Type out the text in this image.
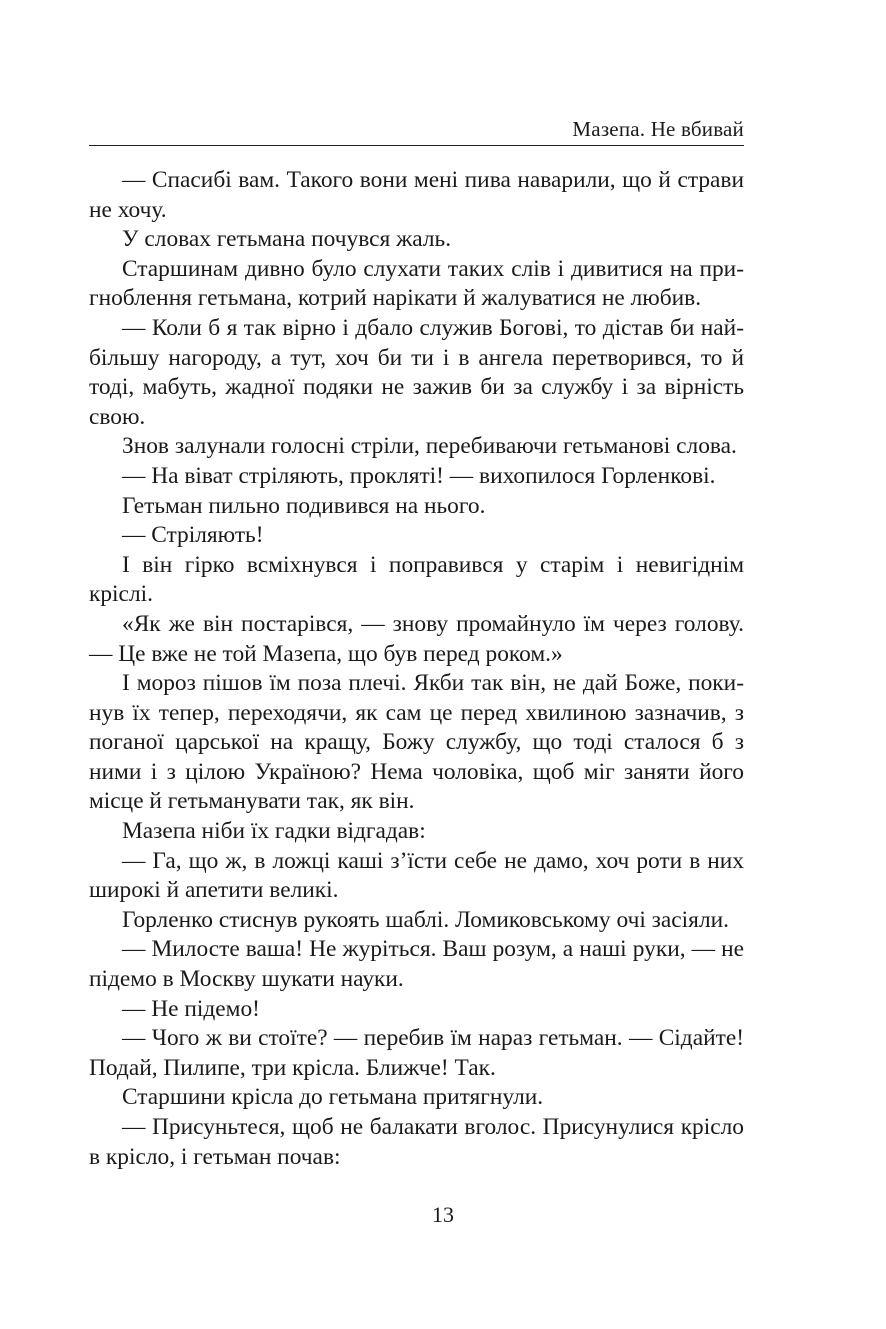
Мазепа. Не вбивай

— Спасибі вам. Такого вони мені пива наварили, що й страви не хочу.

У словах гетьмана почувся жаль.

Старшинам дивно було слухати таких слів і дивитися на пригноблення гетьмана, котрий нарікати й жалуватися не любив.

— Коли б я так вірно і дбало служив Богові, то дістав би найбільшу нагороду, а тут, хоч би ти і в ангела перетворився, то й тоді, мабуть, жадної подяки не зажив би за службу і за вірність свою.

Знов залунали голосні стріли, перебиваючи гетьманові слова.

— На віват стріляють, прокляті! — вихопилося Горленкові.

Гетьман пильно подивився на нього.

— Стріляють!

І він гірко всміхнувся і поправився у старім і невигіднім кріслі.

«Як же він постарівся, — знову промайнуло їм через голову. — Це вже не той Мазепа, що був перед роком.»

І мороз пішов їм поза плечі. Якби так він, не дай Боже, покинув їх тепер, переходячи, як сам це перед хвилиною зазначив, з поганої царської на кращу, Божу службу, що тоді сталося б з ними і з цілою Україною? Нема чоловіка, щоб міг заняти його місце й гетьманувати так, як він.

Мазепа ніби їх гадки відгадав:

— Га, що ж, в ложці каші з’їсти себе не дамо, хоч роти в них широкі й апетити великі.

Горленко стиснув рукоять шаблі. Ломиковському очі засіяли.

— Милосте ваша! Не журіться. Ваш розум, а наші руки, — не підемо в Москву шукати науки.

— Не підемо!

— Чого ж ви стоїте? — перебив їм нараз гетьман. — Сідайте! Подай, Пилипе, три крісла. Ближче! Так.

Старшини крісла до гетьмана притягнули.

— Присуньтеся, щоб не балакати вголос. Присунулися крісло в крісло, і гетьман почав:

13
